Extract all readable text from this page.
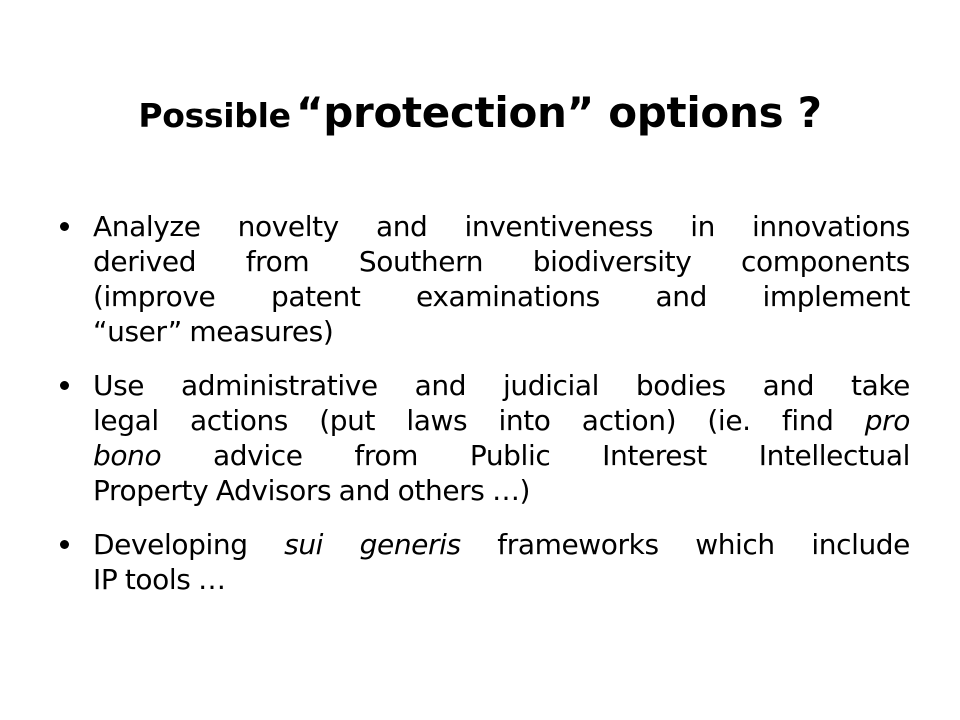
Possible “protection” options ?
Analyze novelty and inventiveness in innovations
derived from Southern biodiversity components
(improve patent examinations and implement
“user” measures)
Use administrative and judicial bodies and take
legal actions (put laws into action) (ie. find pro
bono advice from Public Interest Intellectual
Property Advisors and others …)
Developing sui generis frameworks which include
IP tools …
